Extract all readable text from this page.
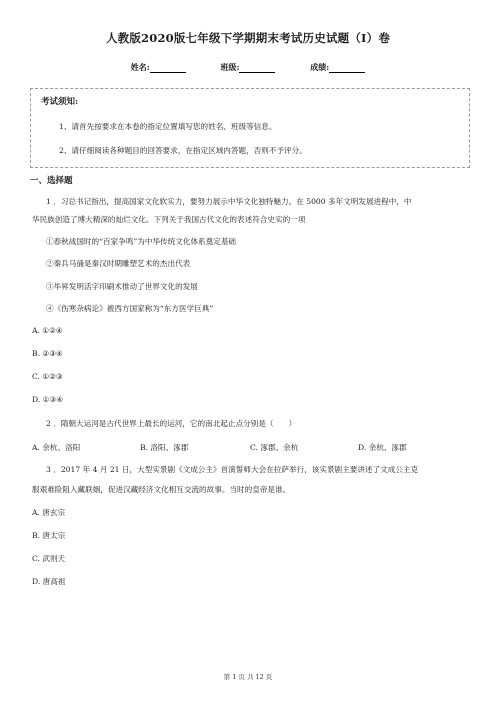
人教版2020版七年级下学期期末考试历史试题（I）卷
姓名:	班级:	成绩:
考试须知:
1、请首先按要求在本卷的指定位置填写您的姓名、班级等信息。
2、请仔细阅读各种题目的回答要求，在指定区域内答题，否则不予评分。
一、选择题
1 ．习总书记指出，提高国家文化软实力，要努力展示中华文化独特魅力。在 5000 多年文明发展进程中，中
华民族创造了博大精深的灿烂文化。下列关于我国古代文化的表述符合史实的一项
①春秋战国时的“百家争鸣”为中华传统文化体系奠定基础
②秦兵马俑是秦汉时期雕塑艺术的杰出代表
③毕昇发明活字印刷术推动了世界文化的发展
④《伤寒杂病论》被西方国家称为“东方医学巨典”
A. ①②④
B. ②③④
C. ①②③
D. ①③④
2 ．隋朝大运河是古代世界上最长的运河，它的南北起止点分别是（　　）
A. 余杭、洛阳	B. 洛阳、涿郡	C. 涿郡、余杭	D. 余杭、涿郡
3 ．2017 年 4 月 21 日，大型实景剧《文成公主》首演誓师大会在拉萨举行，该实景剧主要讲述了文成公主克
服艰难险阻入藏联姻，促进汉藏经济文化相互交流的故事。当时的皇帝是谁。
A. 唐玄宗
B. 唐太宗
C. 武则天
D. 唐高祖
第 1 页 共 12 页
